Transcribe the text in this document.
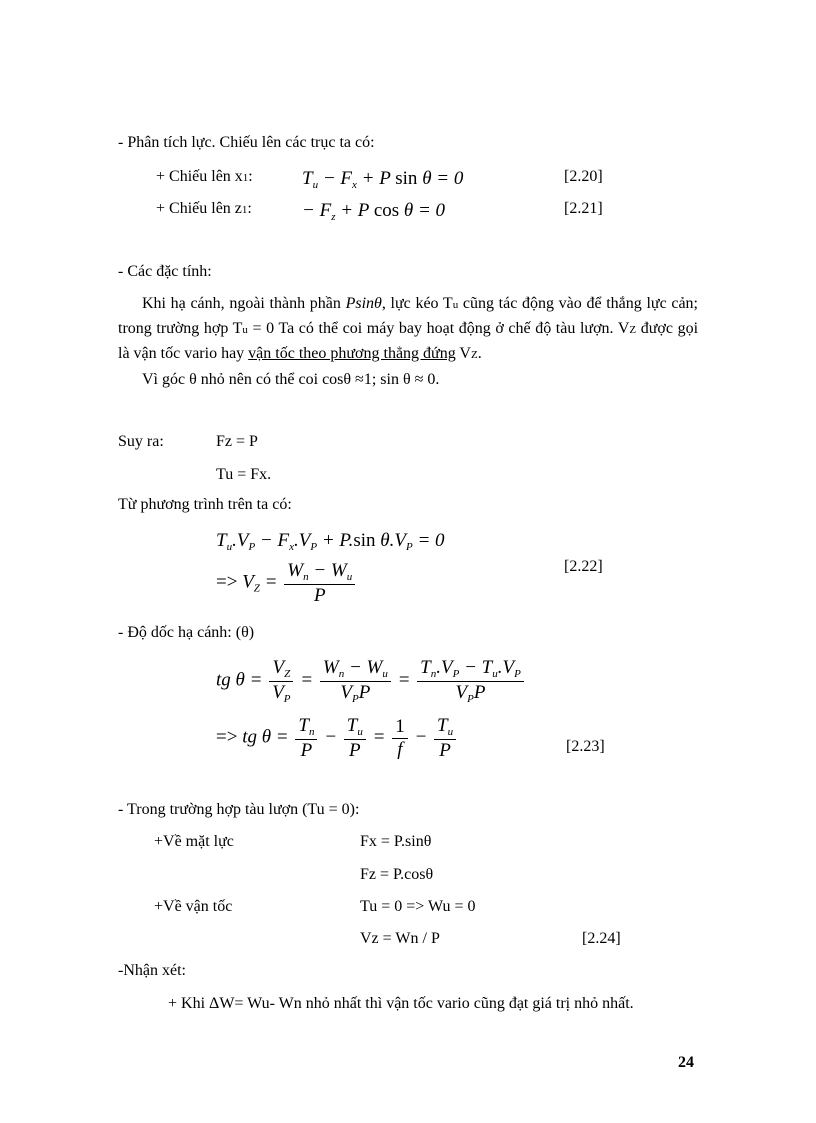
- Phân tích lực. Chiếu lên các trục ta có:
+ Chiếu lên x1:	$T_u - F_x + P$ sin θ = 0	[2.20]
+ Chiếu lên z1:	− $F_z + P$ cos θ = 0	[2.21]
- Các đặc tính:
Khi hạ cánh, ngoài thành phần Psinθ, lực kéo Tu cũng tác động vào để thắng lực cản; trong trường hợp Tu = 0 Ta có thể coi máy bay hoạt động ở chế độ tàu lượn. VZ được gọi là vận tốc vario hay vận tốc theo phương thẳng đứng VZ.
Vì góc θ nhỏ nên có thể coi cosθ ≈1; sin θ ≈ 0.
Suy ra:	Fz = P
Tu = Fx.
Từ phương trình trên ta có:
$T_u.V_P - F_x.V_P + P.\sin$ $\theta.V_P = 0$
=> $V_Z = \frac{W_n - W_u}{P}$	[2.22]
- Độ dốc hạ cánh: (θ)
tg $\theta = \frac{V_Z}{V_P} = \frac{W_n - W_u}{V_PP} = \frac{T_n.V_P - T_u.V_P}{V_PP}$
=> tg $\theta = \frac{T_n}{P} - \frac{T_u}{P} = \frac{1}{f} - \frac{T_u}{P}$	[2.23]
- Trong trường hợp tàu lượn (Tu = 0):
+Về mặt lực	Fx = P.sinθ
Fz = P.cosθ
+Về vận tốc	Tu = 0 => Wu = 0
Vz = Wn / P	[2.24]
-Nhận xét:
+ Khi ΔW= Wu- Wn nhỏ nhất thì vận tốc vario cũng đạt giá trị nhỏ nhất.
24
